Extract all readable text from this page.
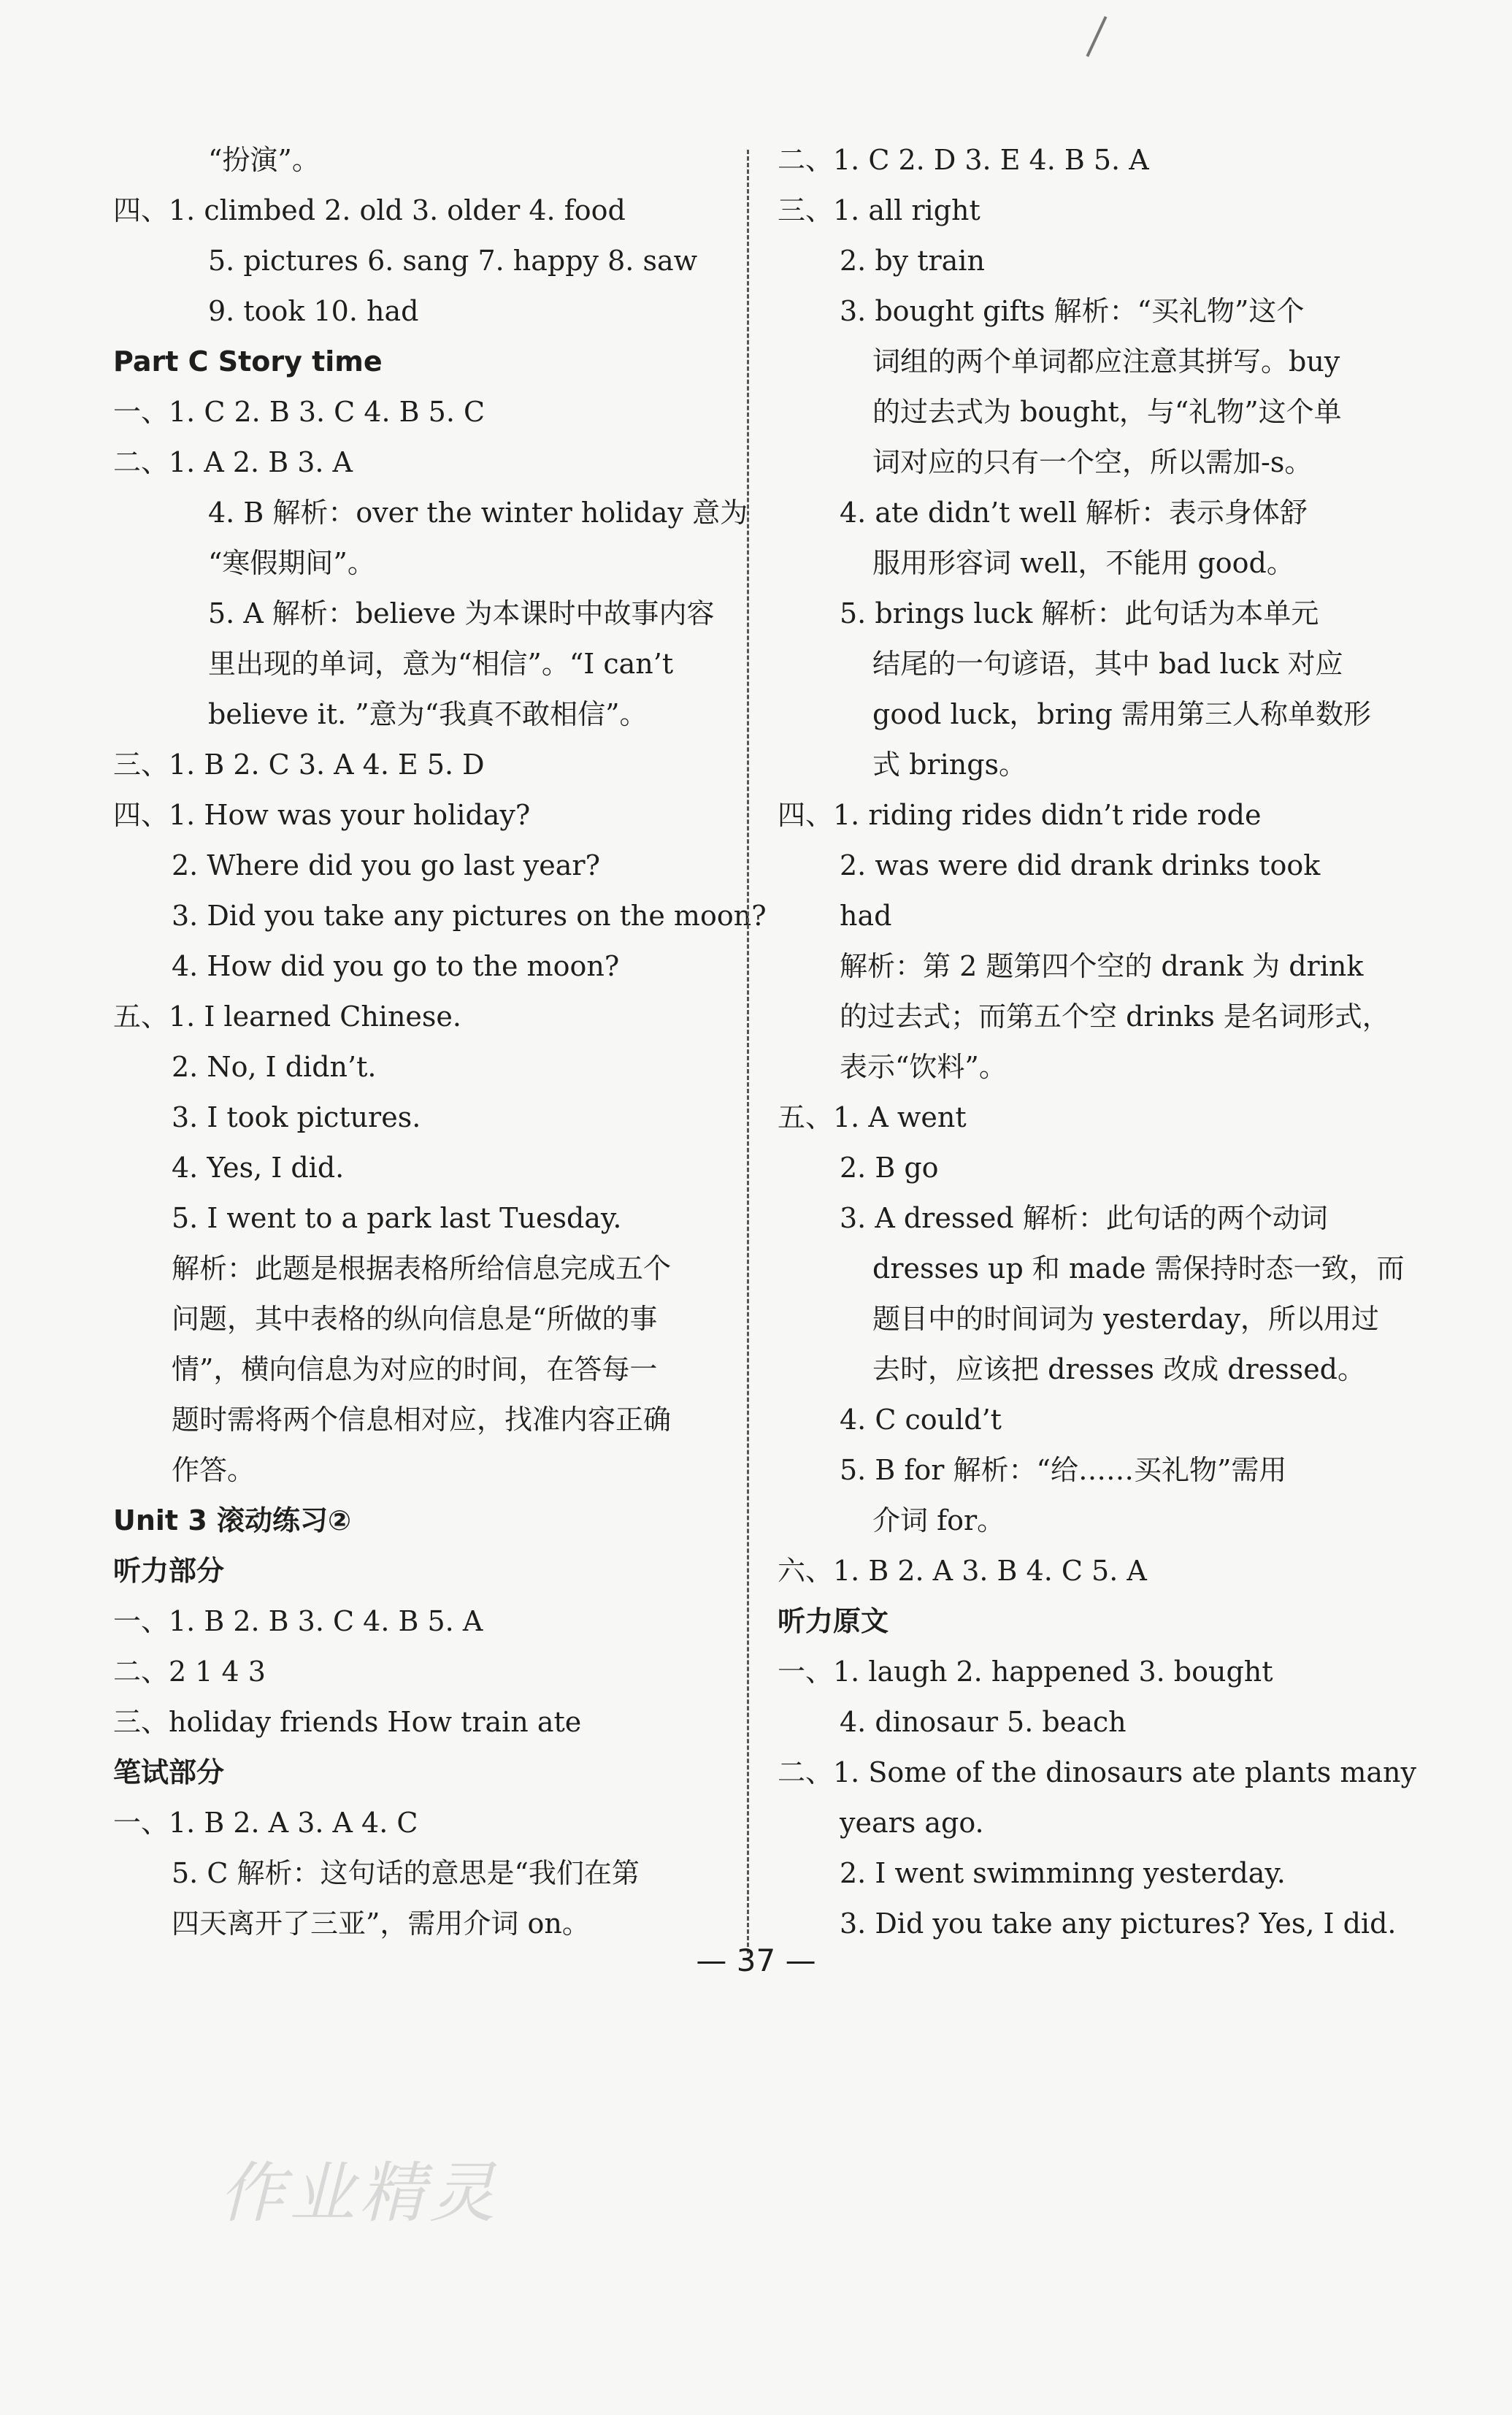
“扮演”。
四、1. climbed 2. old 3. older 4. food
5. pictures 6. sang 7. happy 8. saw
9. took 10. had
Part C Story time
一、1. C 2. B 3. C 4. B 5. C
二、1. A 2. B 3. A
4. B 解析：over the winter holiday 意为
“寒假期间”。
5. A 解析：believe 为本课时中故事内容
里出现的单词，意为“相信”。“I can’t
believe it. ”意为“我真不敢相信”。
三、1. B 2. C 3. A 4. E 5. D
四、1. How was your holiday?
2. Where did you go last year?
3. Did you take any pictures on the moon?
4. How did you go to the moon?
五、1. I learned Chinese.
2. No, I didn’t.
3. I took pictures.
4. Yes, I did.
5. I went to a park last Tuesday.
解析：此题是根据表格所给信息完成五个
问题，其中表格的纵向信息是“所做的事
情”，横向信息为对应的时间，在答每一
题时需将两个信息相对应，找准内容正确
作答。
Unit 3 滚动练习②
听力部分
一、1. B 2. B 3. C 4. B 5. A
二、2 1 4 3
三、holiday friends How train ate
笔试部分
一、1. B 2. A 3. A 4. C
5. C 解析：这句话的意思是“我们在第
四天离开了三亚”，需用介词 on。
二、1. C 2. D 3. E 4. B 5. A
三、1. all right
2. by train
3. bought gifts 解析：“买礼物”这个
词组的两个单词都应注意其拼写。buy
的过去式为 bought，与“礼物”这个单
词对应的只有一个空，所以需加-s。
4. ate didn’t well 解析：表示身体舒
服用形容词 well，不能用 good。
5. brings luck 解析：此句话为本单元
结尾的一句谚语，其中 bad luck 对应
good luck，bring 需用第三人称单数形
式 brings。
四、1. riding rides didn’t ride rode
2. was were did drank drinks took
had
解析：第 2 题第四个空的 drank 为 drink
的过去式；而第五个空 drinks 是名词形式，
表示“饮料”。
五、1. A went
2. B go
3. A dressed 解析：此句话的两个动词
dresses up 和 made 需保持时态一致，而
题目中的时间词为 yesterday，所以用过
去时，应该把 dresses 改成 dressed。
4. C could’t
5. B for 解析：“给……买礼物”需用
介词 for。
六、1. B 2. A 3. B 4. C 5. A
听力原文
一、1. laugh 2. happened 3. bought
4. dinosaur 5. beach
二、1. Some of the dinosaurs ate plants many
years ago.
2. I went swimminng yesterday.
3. Did you take any pictures? Yes, I did.
— 37 —
作业精灵
